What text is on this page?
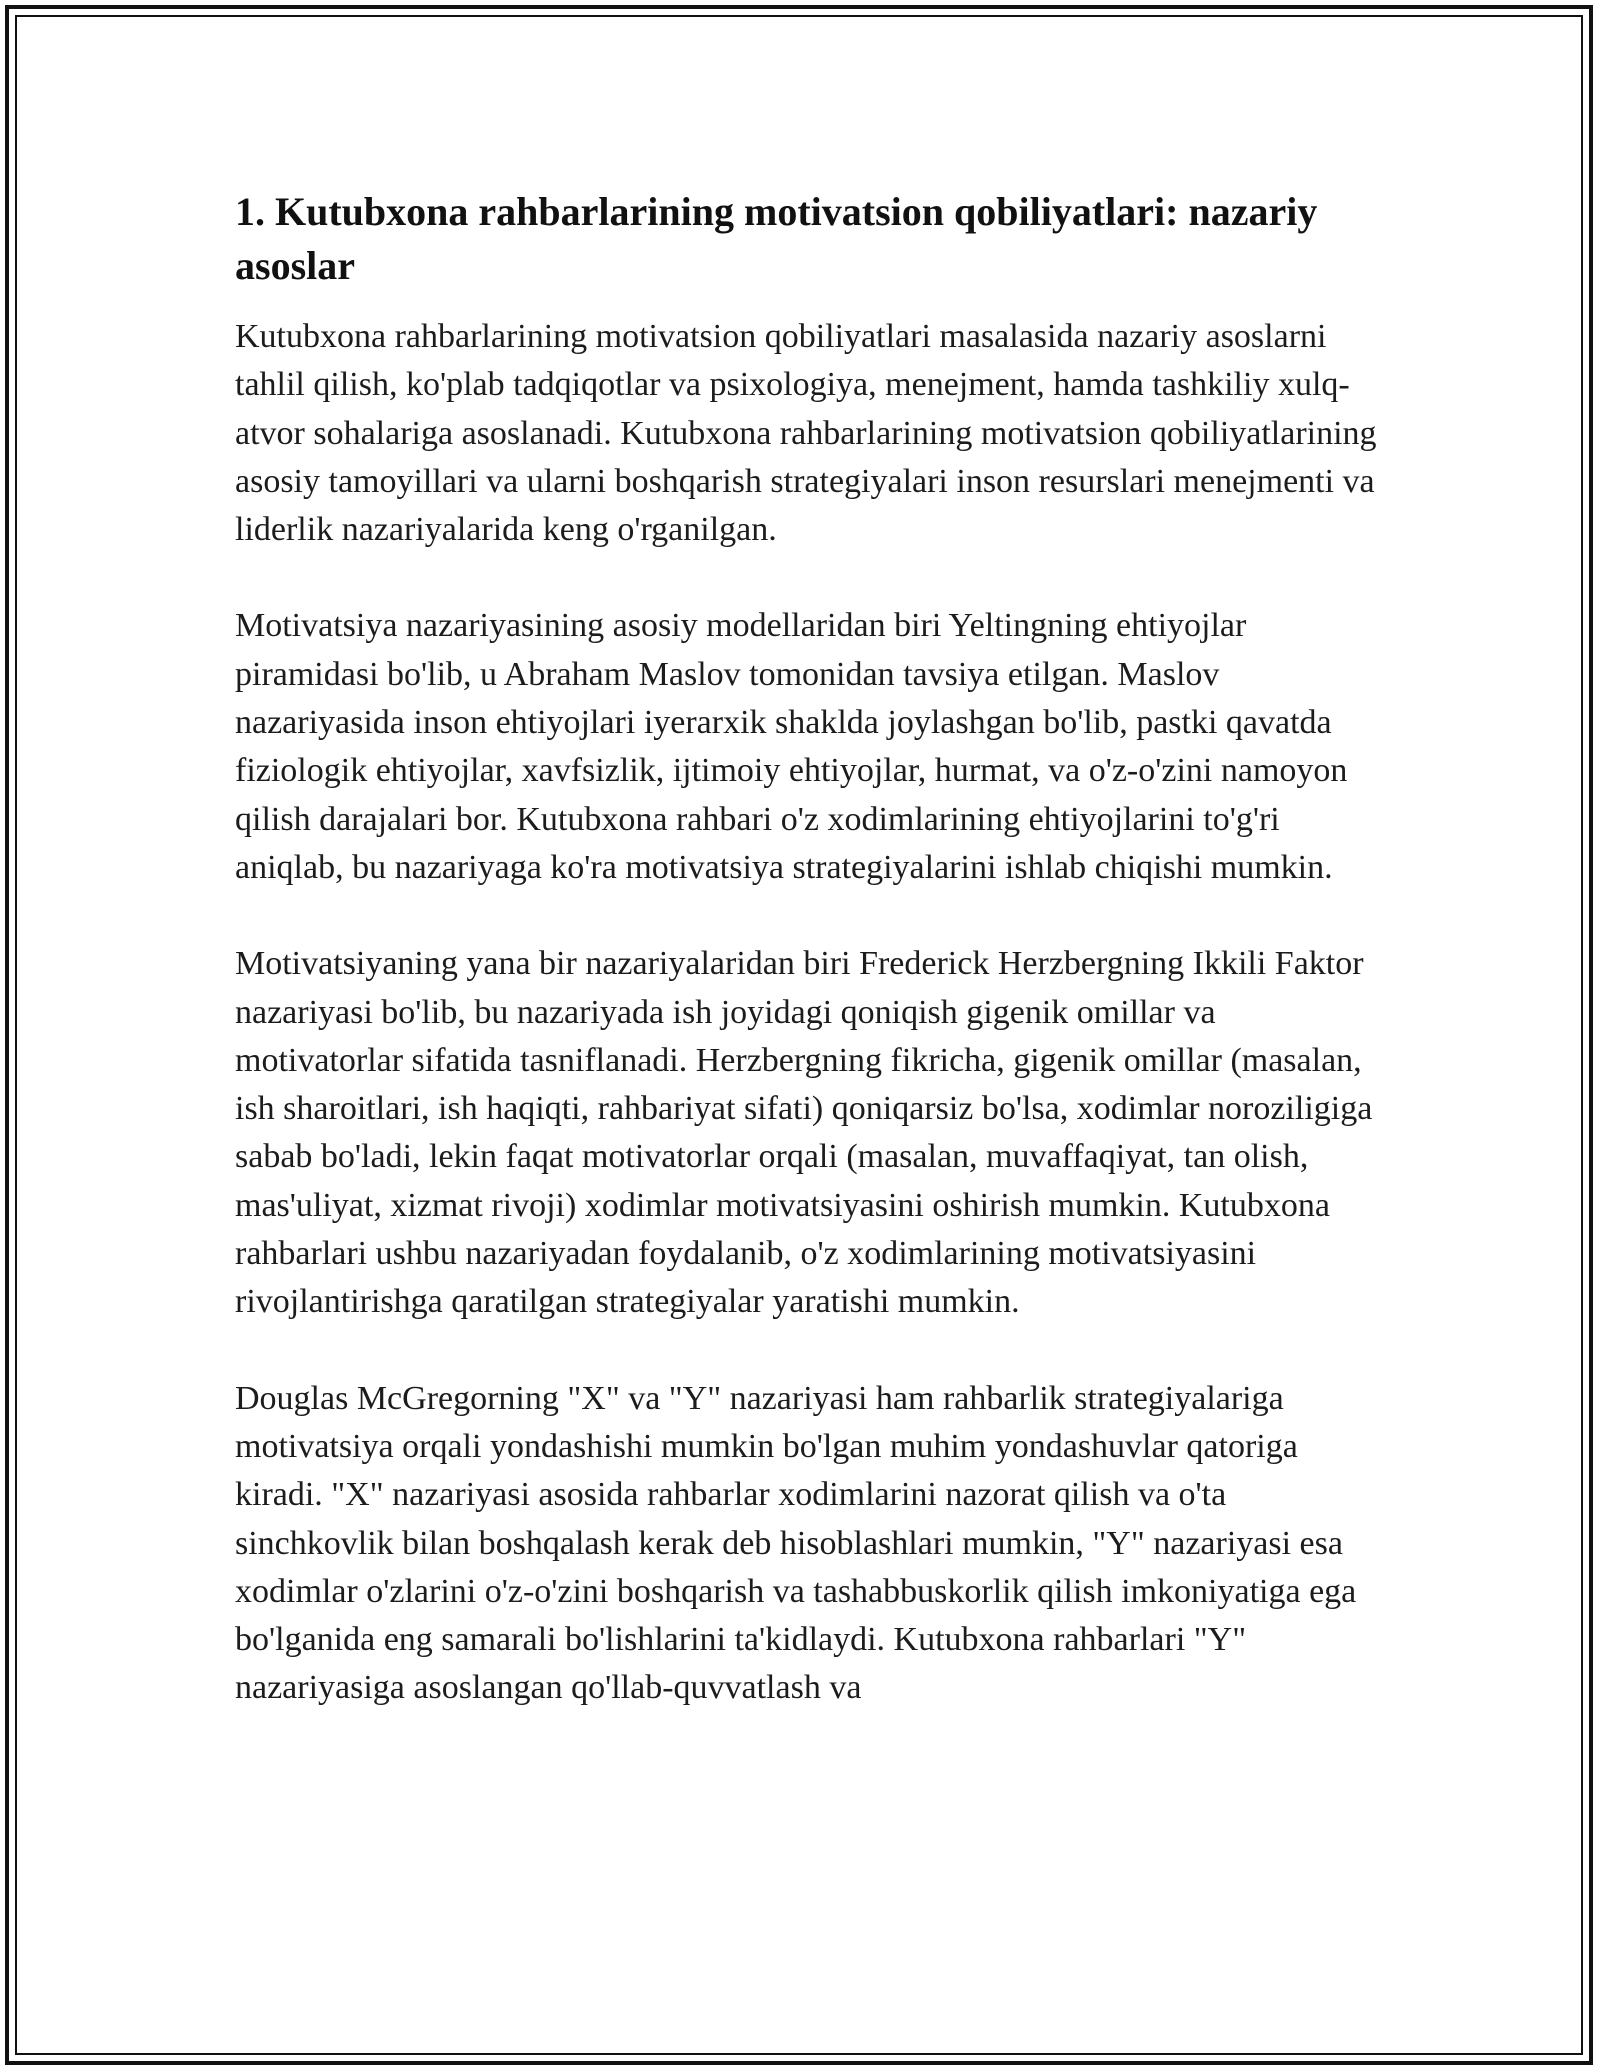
1. Kutubxona rahbarlarining motivatsion qobiliyatlari: nazariy asoslar

Kutubxona rahbarlarining motivatsion qobiliyatlari masalasida nazariy asoslarni tahlil qilish, ko'plab tadqiqotlar va psixologiya, menejment, hamda tashkiliy xulq-atvor sohalariga asoslanadi. Kutubxona rahbarlarining motivatsion qobiliyatlarining asosiy tamoyillari va ularni boshqarish strategiyalari inson resurslari menejmenti va liderlik nazariyalarida keng o'rganilgan.

Motivatsiya nazariyasining asosiy modellaridan biri Yeltingning ehtiyojlar piramidasi bo'lib, u Abraham Maslov tomonidan tavsiya etilgan. Maslov nazariyasida inson ehtiyojlari iyerarxik shaklda joylashgan bo'lib, pastki qavatda fiziologik ehtiyojlar, xavfsizlik, ijtimoiy ehtiyojlar, hurmat, va o'z-o'zini namoyon qilish darajalari bor. Kutubxona rahbari o'z xodimlarining ehtiyojlarini to'g'ri aniqlab, bu nazariyaga ko'ra motivatsiya strategiyalarini ishlab chiqishi mumkin.

Motivatsiyaning yana bir nazariyalaridan biri Frederick Herzbergning Ikkili Faktor nazariyasi bo'lib, bu nazariyada ish joyidagi qoniqish gigenik omillar va motivatorlar sifatida tasniflanadi. Herzbergning fikricha, gigenik omillar (masalan, ish sharoitlari, ish haqiqti, rahbariyat sifati) qoniqarsiz bo'lsa, xodimlar noroziligiga sabab bo'ladi, lekin faqat motivatorlar orqali (masalan, muvaffaqiyat, tan olish, mas'uliyat, xizmat rivoji) xodimlar motivatsiyasini oshirish mumkin. Kutubxona rahbarlari ushbu nazariyadan foydalanib, o'z xodimlarining motivatsiyasini rivojlantirishga qaratilgan strategiyalar yaratishi mumkin.

Douglas McGregorning "X" va "Y" nazariyasi ham rahbarlik strategiyalariga motivatsiya orqali yondashishi mumkin bo'lgan muhim yondashuvlar qatoriga kiradi. "X" nazariyasi asosida rahbarlar xodimlarini nazorat qilish va o'ta sinchkovlik bilan boshqalash kerak deb hisoblashlari mumkin, "Y" nazariyasi esa xodimlar o'zlarini o'z-o'zini boshqarish va tashabbuskorlik qilish imkoniyatiga ega bo'lganida eng samarali bo'lishlarini ta'kidlaydi. Kutubxona rahbarlari "Y" nazariyasiga asoslangan qo'llab-quvvatlash va
